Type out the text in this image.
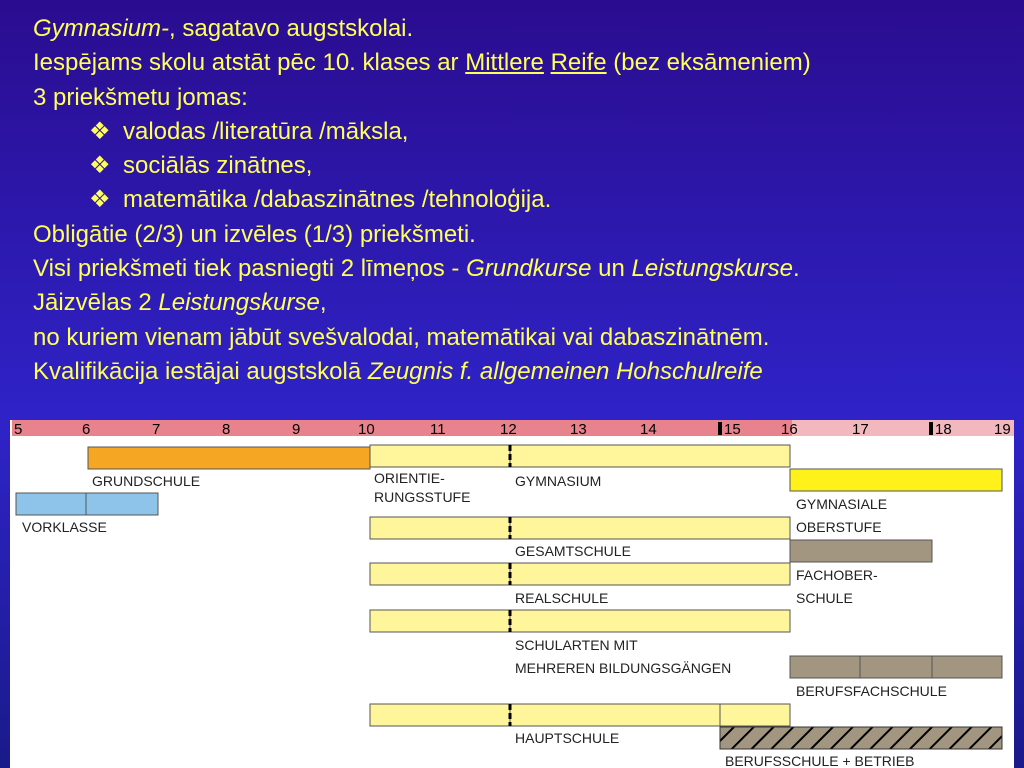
Gymnasium-, sagatavo augstskolai.
Iespējams skolu atstāt pēc 10. klases ar Mittlere Reife (bez eksāmeniem)
3 priekšmetu jomas:
❖ valodas /literatūra /māksla,
❖ sociālās zinātnes,
❖ matemātika /dabaszinātnes /tehnoloģija.
Obligātie (2/3) un izvēles (1/3) priekšmeti.
Visi priekšmeti tiek pasniegti 2 līmeņos - Grundkurse un Leistungskurse.
Jāizvēlas 2 Leistungskurse,
no kuriem vienam jābūt svešvalodai, matemātikai vai dabaszinātnēm.
Kvalifikācija iestājai augstskolā Zeugnis f. allgemeinen Hohschulreife
5	6	7	8	9	10	11	12	13	14	15	16	17	18	19
GRUNDSCHULE
VORKLASSE
ORIENTIE-
RUNGSSTUFE
GYMNASIUM
GYMNASIALE
OBERSTUFE
GESAMTSCHULE
FACHOBER-
SCHULE
REALSCHULE
SCHULARTEN MIT
MEHREREN BILDUNGSGÄNGEN
BERUFSFACHSCHULE
HAUPTSCHULE
BERUFSSCHULE + BETRIEB
